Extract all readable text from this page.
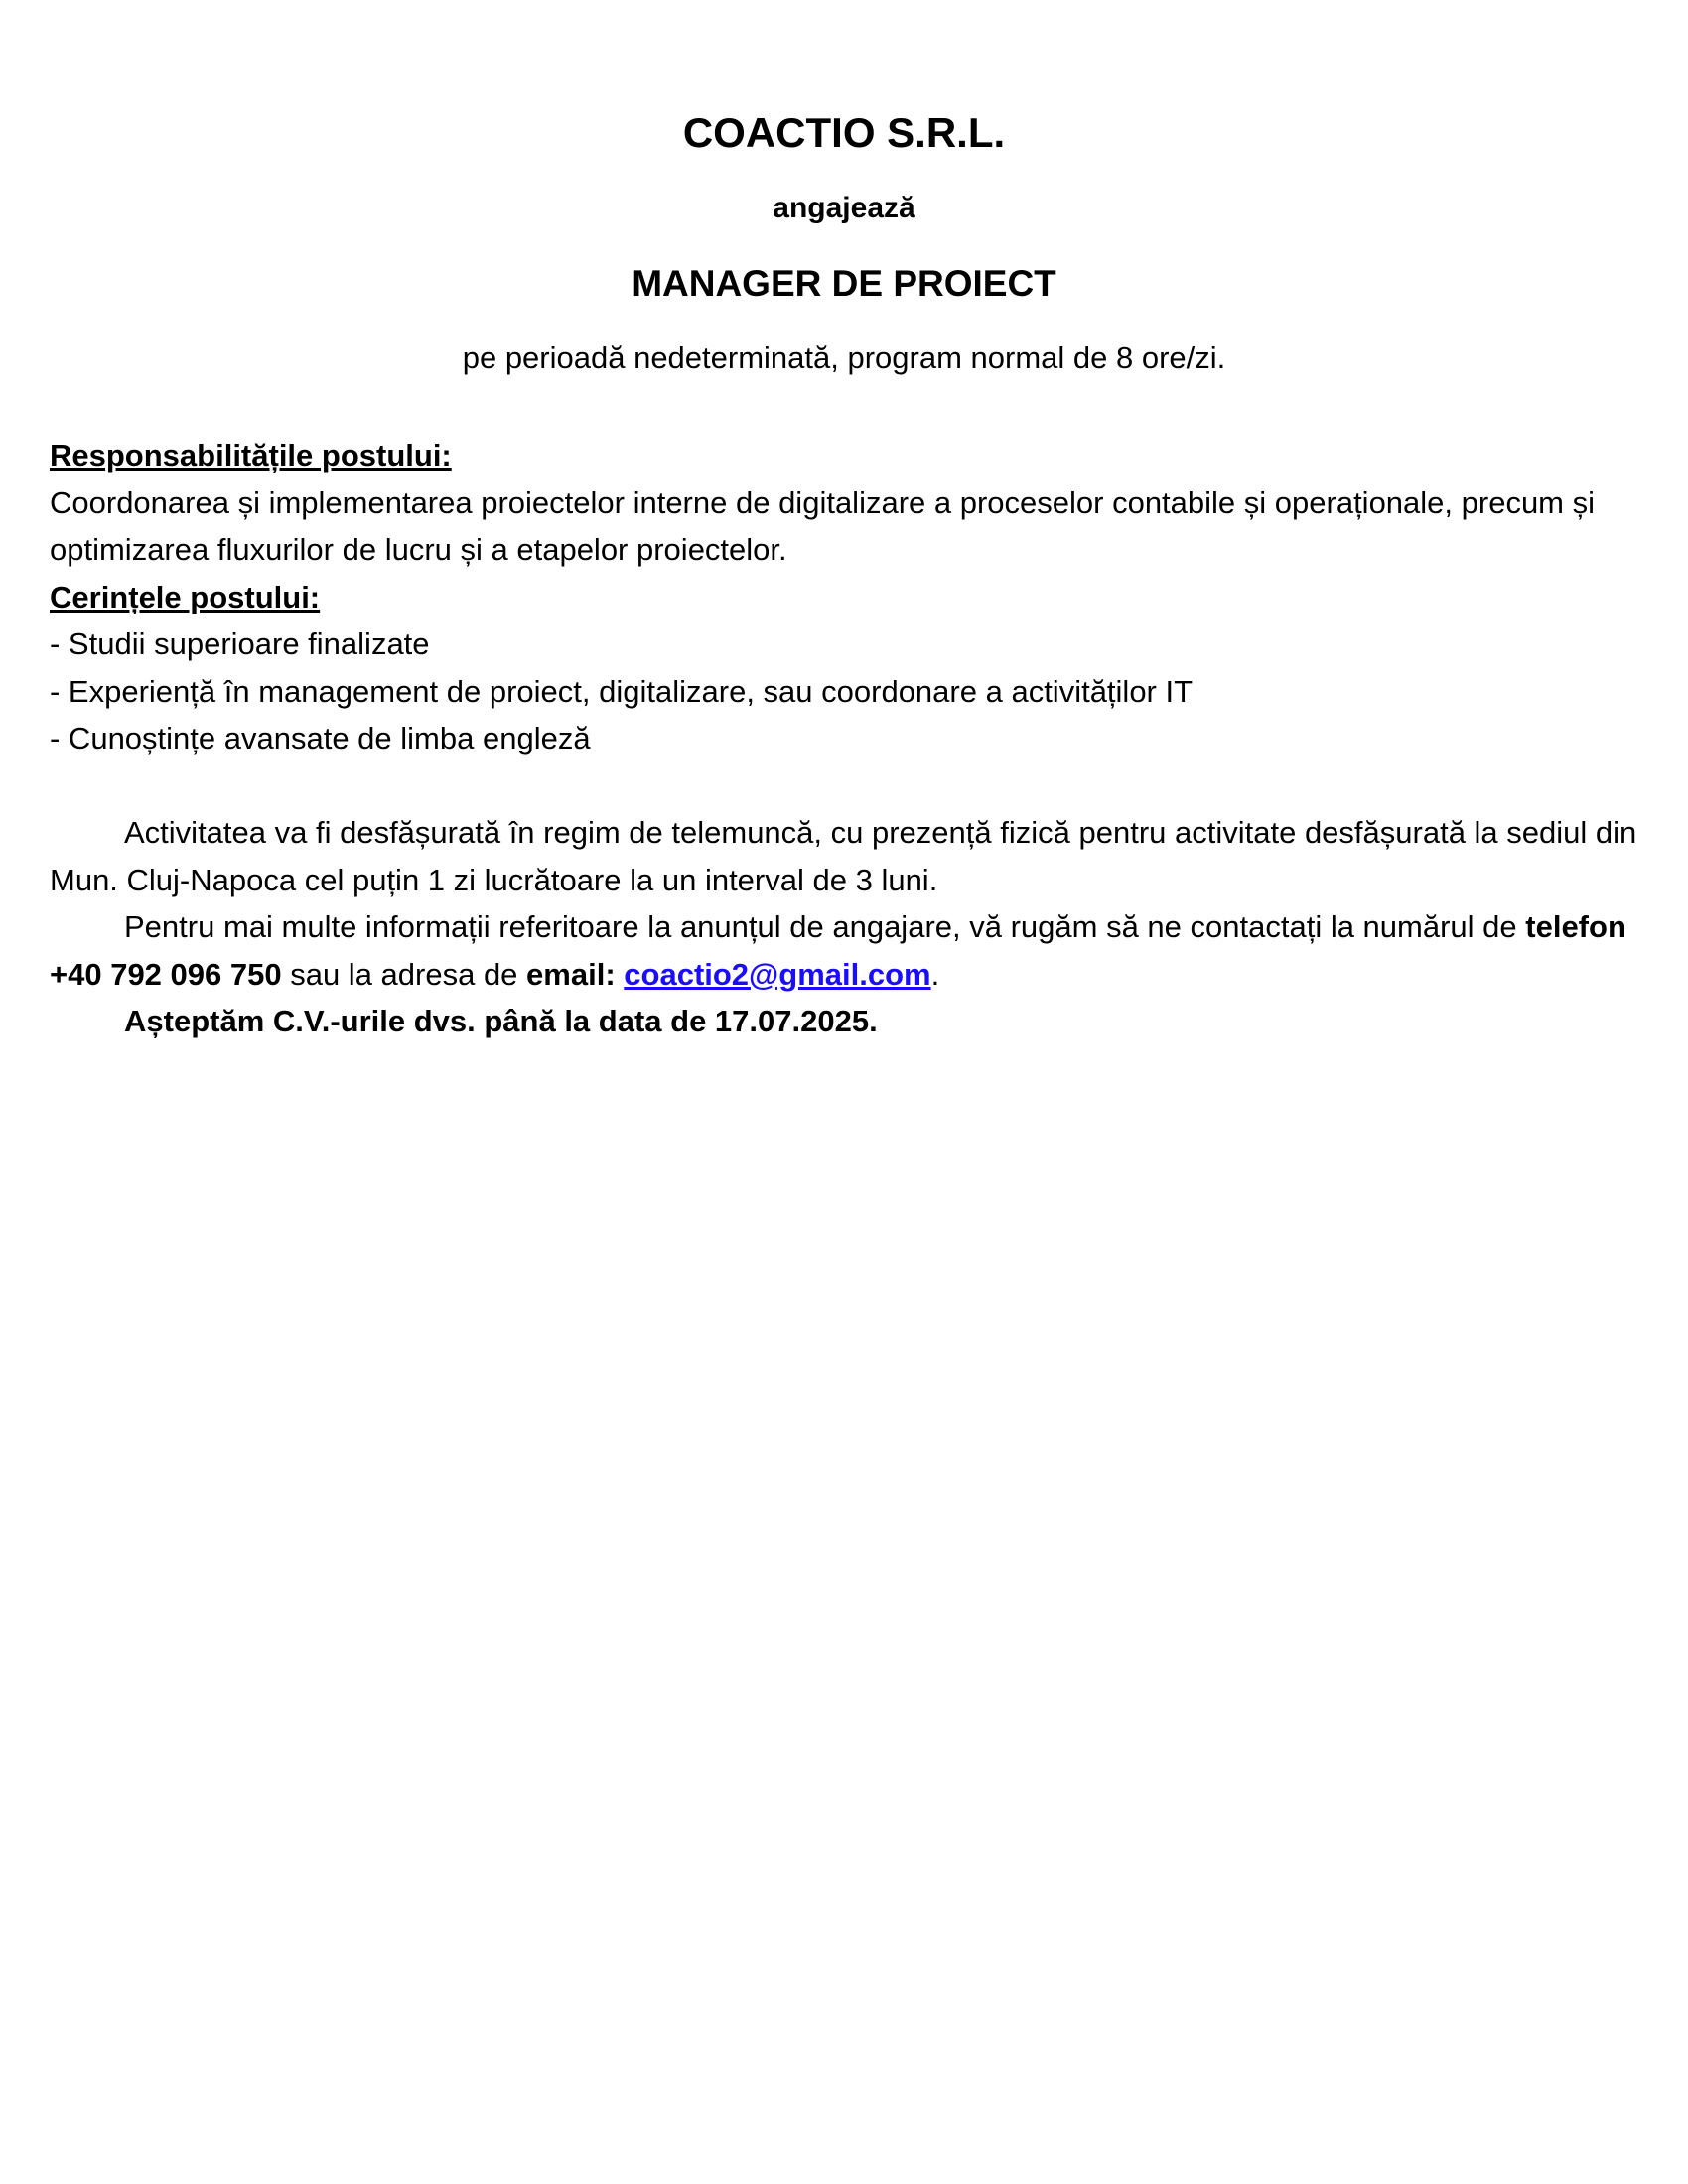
COACTIO S.R.L.
angajează
MANAGER DE PROIECT
pe perioadă nedeterminată, program normal de 8 ore/zi.

Responsabilitățile postului:

Coordonarea și implementarea proiectelor interne de digitalizare a proceselor contabile și operaționale, precum și optimizarea fluxurilor de lucru și a etapelor proiectelor.

Cerințele postului:

- Studii superioare finalizate

- Experiență în management de proiect, digitalizare, sau coordonare a activităților IT

- Cunoștințe avansate de limba engleză

Activitatea va fi desfășurată în regim de telemuncă, cu prezență fizică pentru activitate desfășurată la sediul din Mun. Cluj-Napoca cel puțin 1 zi lucrătoare la un interval de 3 luni.

Pentru mai multe informații referitoare la anunțul de angajare, vă rugăm să ne contactați la numărul de telefon +40 792 096 750 sau la adresa de email: coactio2@gmail.com.

Așteptăm C.V.-urile dvs. până la data de 17.07.2025.
